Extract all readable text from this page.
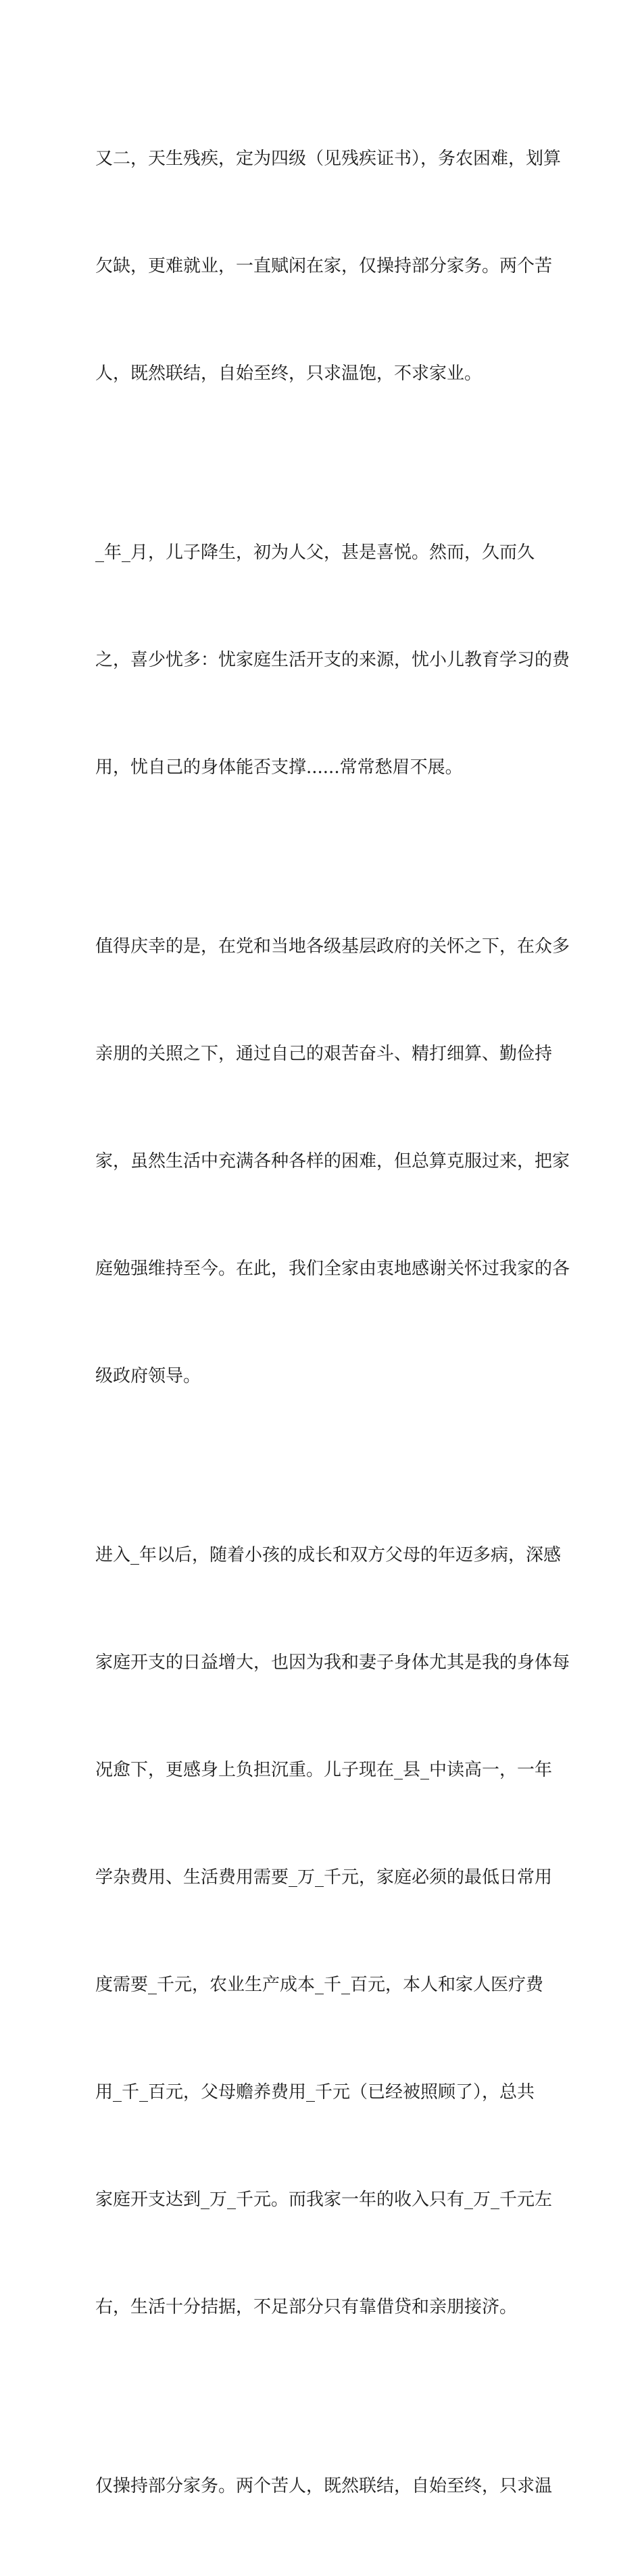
又二，天生残疾，定为四级（见残疾证书），务农困难，划算

欠缺，更难就业，一直赋闲在家，仅操持部分家务。两个苦

人，既然联结，自始至终，只求温饱，不求家业。

_年_月，儿子降生，初为人父，甚是喜悦。然而，久而久

之，喜少忧多：忧家庭生活开支的来源，忧小儿教育学习的费

用，忧自己的身体能否支撑......常常愁眉不展。

值得庆幸的是，在党和当地各级基层政府的关怀之下，在众多

亲朋的关照之下，通过自己的艰苦奋斗、精打细算、勤俭持

家，虽然生活中充满各种各样的困难，但总算克服过来，把家

庭勉强维持至今。在此，我们全家由衷地感谢关怀过我家的各

级政府领导。

进入_年以后，随着小孩的成长和双方父母的年迈多病，深感

家庭开支的日益增大，也因为我和妻子身体尤其是我的身体每

况愈下，更感身上负担沉重。儿子现在_县_中读高一，一年

学杂费用、生活费用需要_万_千元，家庭必须的最低日常用

度需要_千元，农业生产成本_千_百元，本人和家人医疗费

用_千_百元，父母赡养费用_千元（已经被照顾了），总共

家庭开支达到_万_千元。而我家一年的收入只有_万_千元左

右，生活十分拮据，不足部分只有靠借贷和亲朋接济。

仅操持部分家务。两个苦人，既然联结，自始至终，只求温
